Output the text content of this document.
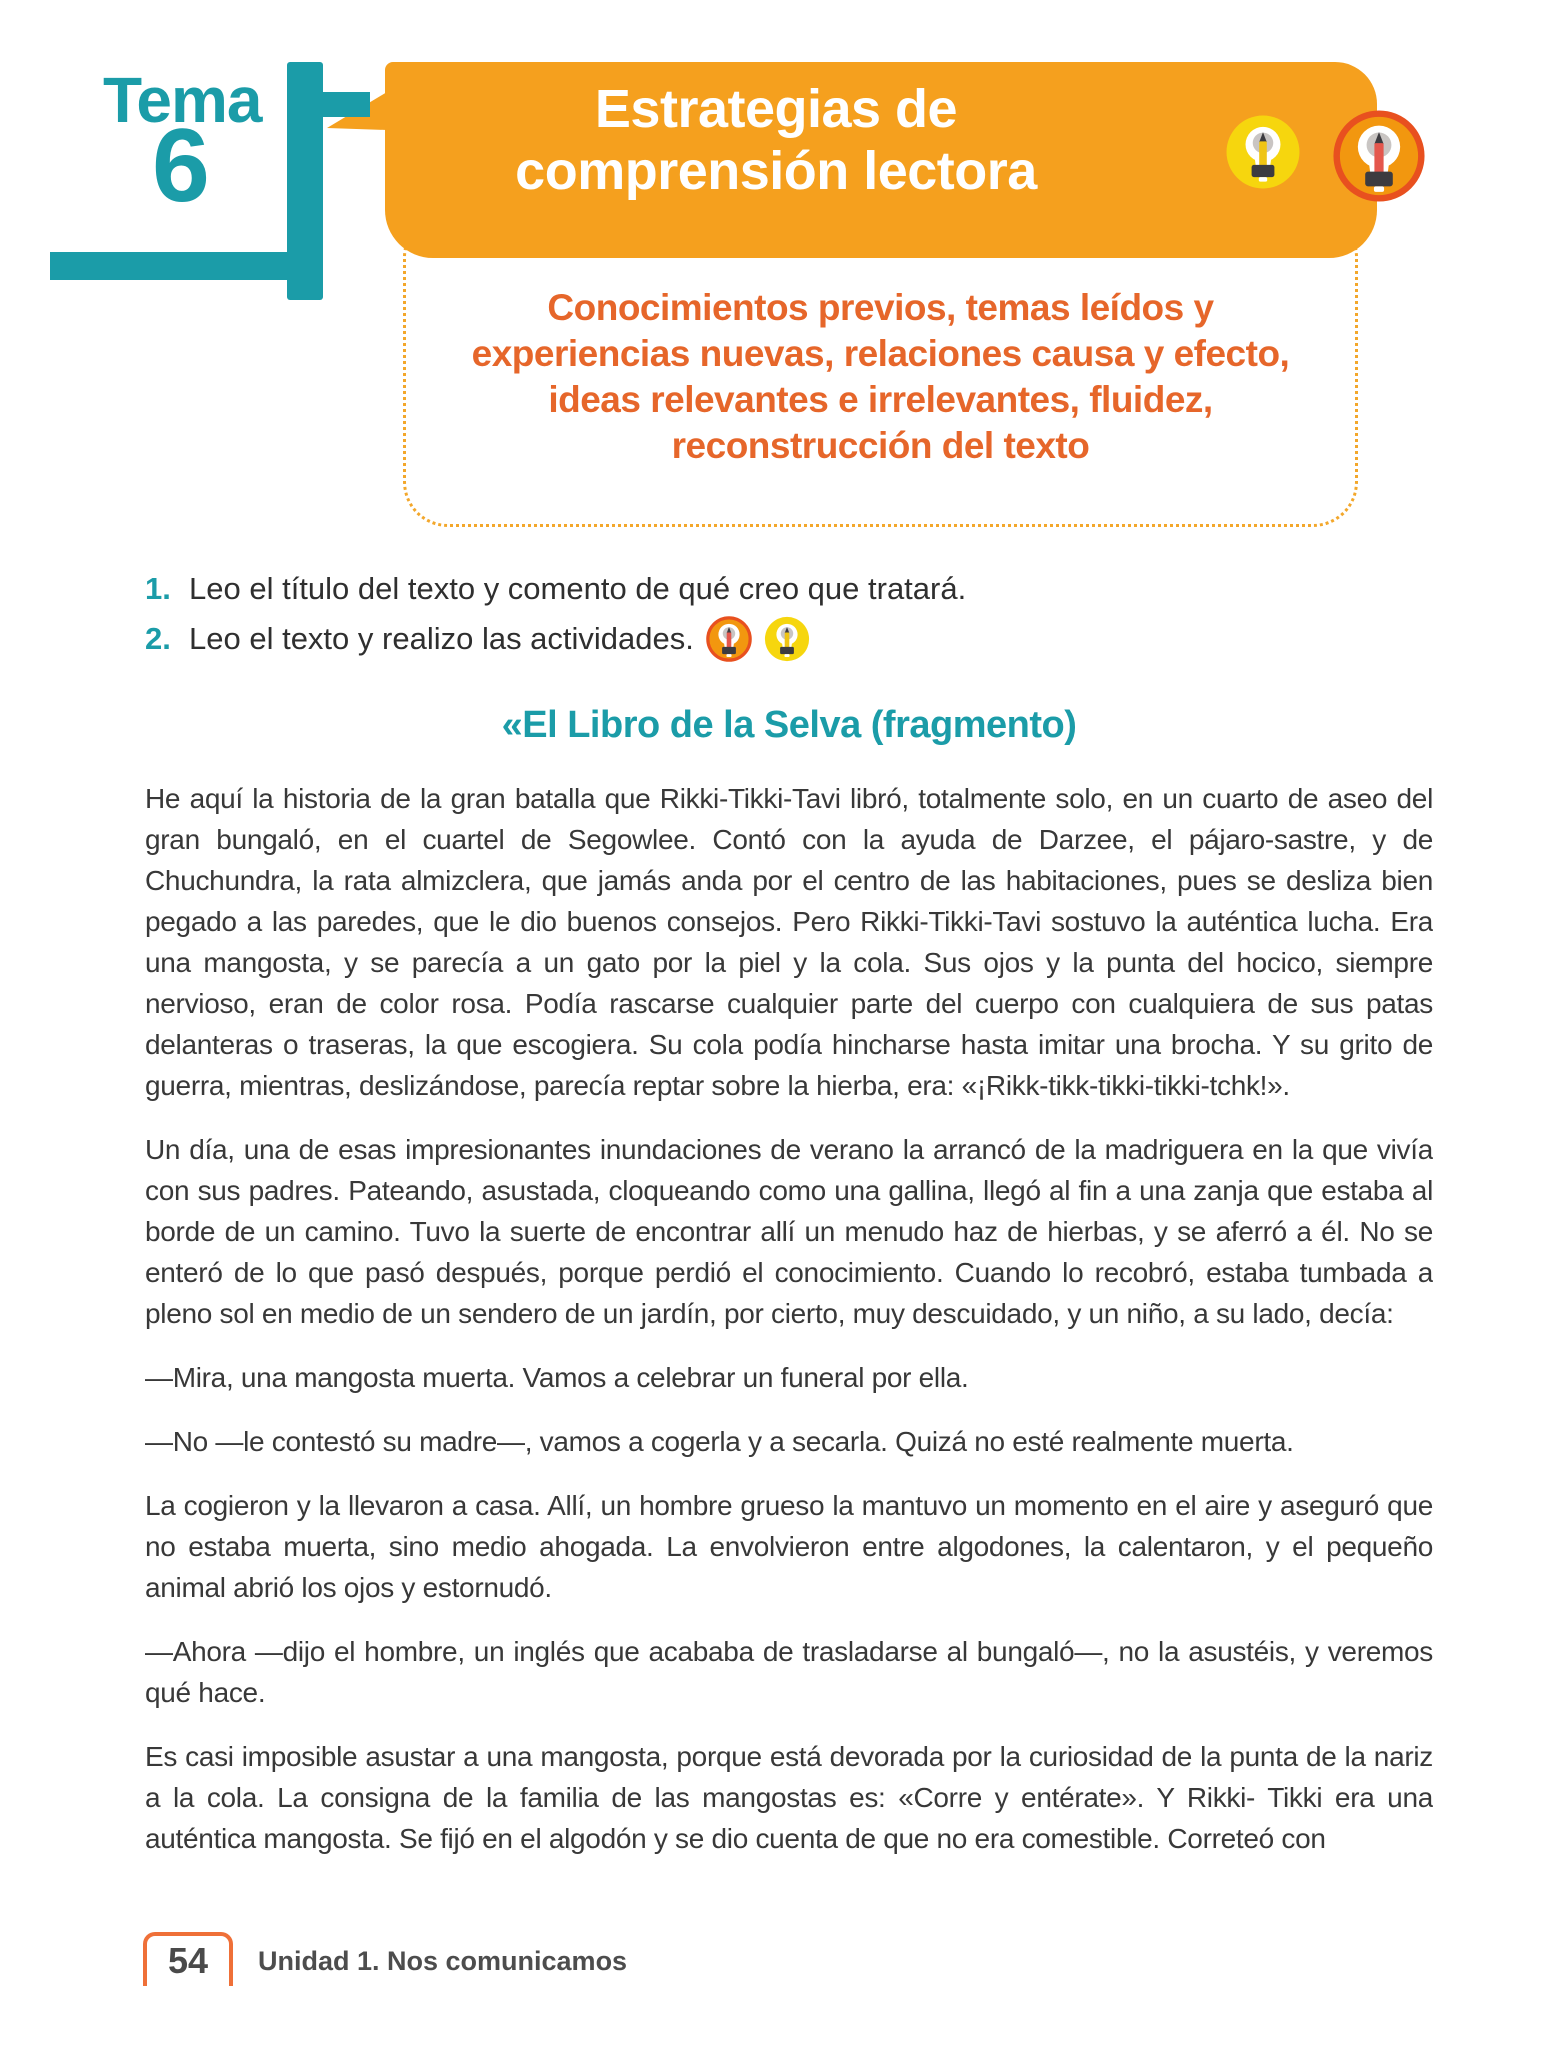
Tema
6	Estrategias de
comprensión lectora
Conocimientos previos, temas leídos y experiencias nuevas, relaciones causa y efecto, ideas relevantes e irrelevantes, fluidez, reconstrucción del texto
1. Leo el título del texto y comento de qué creo que tratará.
2. Leo el texto y realizo las actividades.
«El Libro de la Selva (fragmento)

He aquí la historia de la gran batalla que Rikki-Tikki-Tavi libró, totalmente solo, en un cuarto de aseo del gran bungaló, en el cuartel de Segowlee. Contó con la ayuda de Darzee, el pájaro-sastre, y de Chuchundra, la rata almizclera, que jamás anda por el centro de las habitaciones, pues se desliza bien pegado a las paredes, que le dio buenos consejos. Pero Rikki-Tikki-Tavi sostuvo la auténtica lucha. Era una mangosta, y se parecía a un gato por la piel y la cola. Sus ojos y la punta del hocico, siempre nervioso, eran de color rosa. Podía rascarse cualquier parte del cuerpo con cualquiera de sus patas delanteras o traseras, la que escogiera. Su cola podía hincharse hasta imitar una brocha. Y su grito de guerra, mientras, deslizándose, parecía reptar sobre la hierba, era: «¡Rikk-tikk-tikki-tikki-tchk!».

Un día, una de esas impresionantes inundaciones de verano la arrancó de la madriguera en la que vivía con sus padres. Pateando, asustada, cloqueando como una gallina, llegó al fin a una zanja que estaba al borde de un camino. Tuvo la suerte de encontrar allí un menudo haz de hierbas, y se aferró a él. No se enteró de lo que pasó después, porque perdió el conocimiento. Cuando lo recobró, estaba tumbada a pleno sol en medio de un sendero de un jardín, por cierto, muy descuidado, y un niño, a su lado, decía:

—Mira, una mangosta muerta. Vamos a celebrar un funeral por ella.

—No —le contestó su madre—, vamos a cogerla y a secarla. Quizá no esté realmente muerta.

La cogieron y la llevaron a casa. Allí, un hombre grueso la mantuvo un momento en el aire y aseguró que no estaba muerta, sino medio ahogada. La envolvieron entre algodones, la calentaron, y el pequeño animal abrió los ojos y estornudó.

—Ahora —dijo el hombre, un inglés que acababa de trasladarse al bungaló—, no la asustéis, y veremos qué hace.

Es casi imposible asustar a una mangosta, porque está devorada por la curiosidad de la punta de la nariz a la cola. La consigna de la familia de las mangostas es: «Corre y entérate». Y Rikki- Tikki era una auténtica mangosta. Se fijó en el algodón y se dio cuenta de que no era comestible. Correteó con

54 Unidad 1. Nos comunicamos
